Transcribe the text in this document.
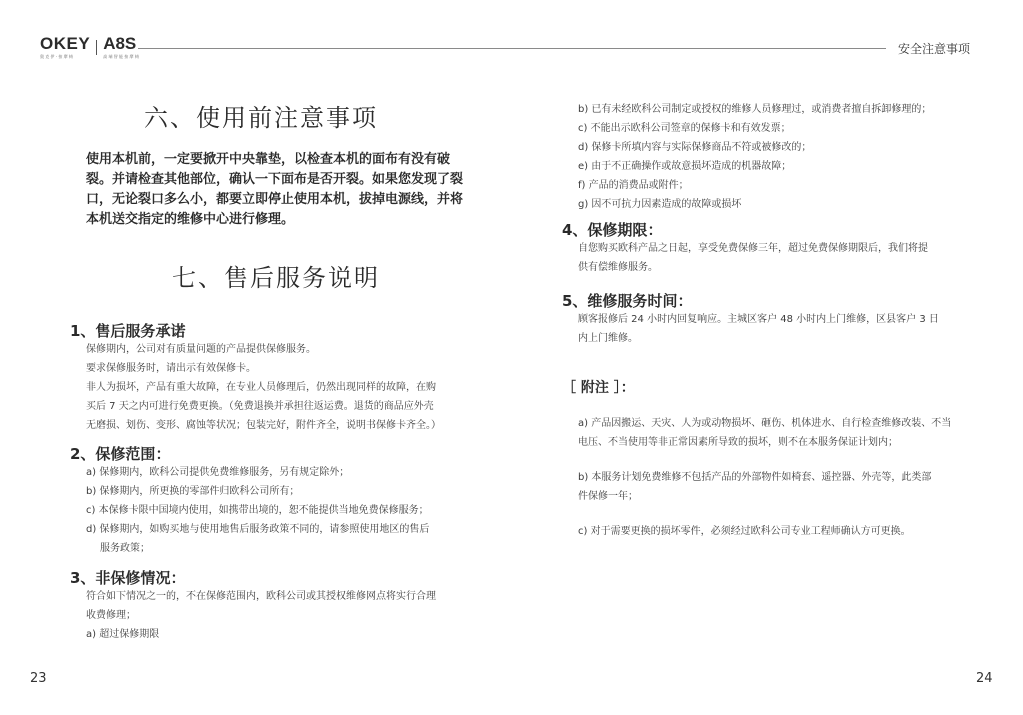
OKEY
奥 克 伊 · 按 摩 椅
A8S
高 端 智 能 按 摩 椅
安全注意事项
六、使用前注意事项
使用本机前，一定要掀开中央靠垫，以检查本机的面布有没有破裂。并请检查其他部位，确认一下面布是否开裂。如果您发现了裂口，无论裂口多么小，都要立即停止使用本机，拔掉电源线，并将本机送交指定的维修中心进行修理。
七、售后服务说明
1、售后服务承诺

保修期内，公司对有质量问题的产品提供保修服务。

要求保修服务时，请出示有效保修卡。

非人为损坏，产品有重大故障，在专业人员修理后，仍然出现同样的故障，在购

买后 7 天之内可进行免费更换。（免费退换并承担往返运费。退货的商品应外壳

无磨损、划伤、变形、腐蚀等状况；包装完好，附件齐全，说明书保修卡齐全。）

2、保修范围：

a) 保修期内，欧科公司提供免费维修服务，另有规定除外；

b) 保修期内，所更换的零部件归欧科公司所有；

c) 本保修卡限中国境内使用，如携带出境的，恕不能提供当地免费保修服务；

d) 保修期内，如购买地与使用地售后服务政策不同的，请参照使用地区的售后

服务政策；

3、非保修情况：

符合如下情况之一的，不在保修范围内，欧科公司或其授权维修网点将实行合理

收费修理；

a) 超过保修期限

23

b) 已有未经欧科公司制定或授权的维修人员修理过，或消费者擅自拆卸修理的；

c) 不能出示欧科公司签章的保修卡和有效发票；

d) 保修卡所填内容与实际保修商品不符或被修改的；

e) 由于不正确操作或故意损坏造成的机器故障；

f) 产品的消费品或附件；

g) 因不可抗力因素造成的故障或损坏

4、保修期限：

自您购买欧科产品之日起，享受免费保修三年，超过免费保修期限后，我们将提

供有偿维修服务。

5、维修服务时间：

顾客报修后 24 小时内回复响应。主城区客户 48 小时内上门维修，区县客户 3 日

内上门维修。

［ 附注 ］：

a) 产品因搬运、天灾、人为或动物损坏、砸伤、机体进水、自行检查维修改装、不当

电压、不当使用等非正常因素所导致的损坏，则不在本服务保证计划内；

b) 本服务计划免费维修不包括产品的外部物件如椅套、遥控器、外壳等，此类部

件保修一年；

c) 对于需要更换的损坏零件，必须经过欧科公司专业工程师确认方可更换。

24
